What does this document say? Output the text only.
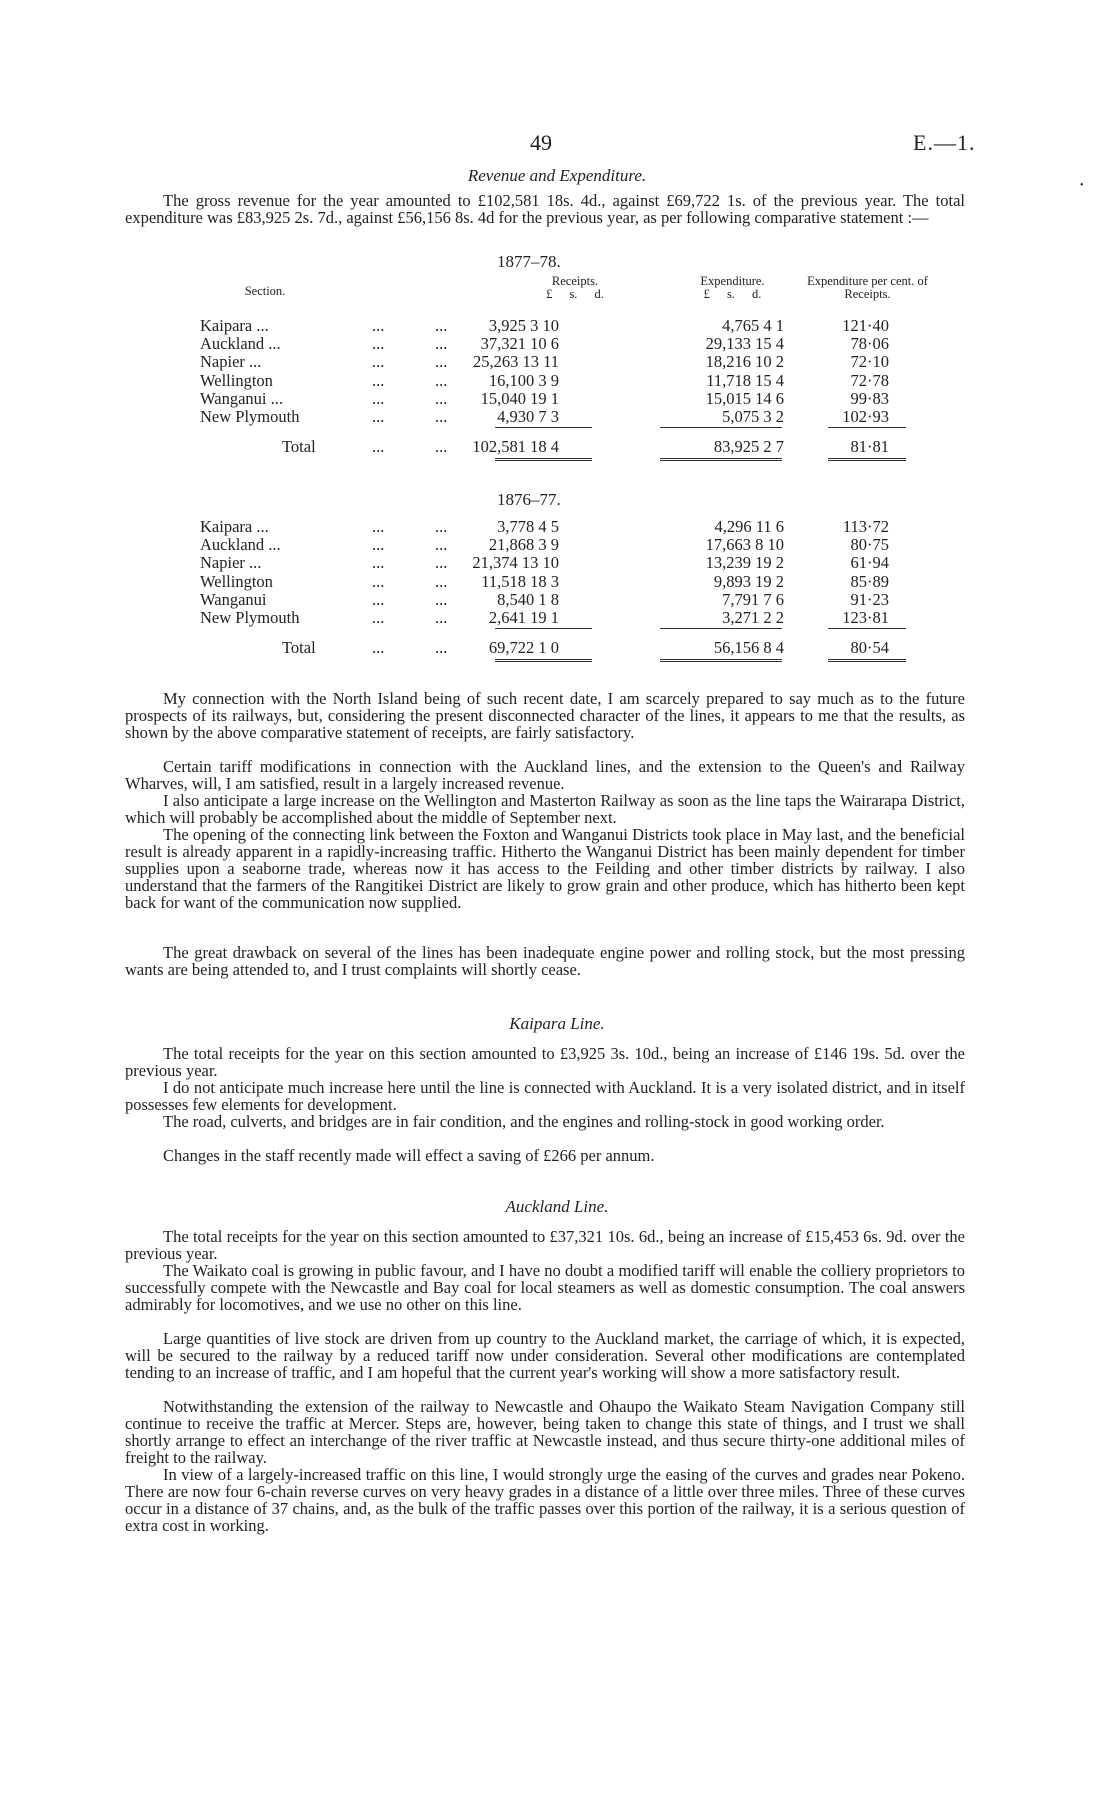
49	E.—1.
•
Revenue and Expenditure.

The gross revenue for the year amounted to £102,581 18s. 4d., against £69,722 1s. of the previous year. The total expenditure was £83,925 2s. 7d., against £56,156 8s. 4d for the previous year, as per following comparative statement :—

1877–78.
Section.
Receipts.
£ s. d.
Expenditure.
£ s. d.
Expenditure per cent. of Receipts.
Kaipara ...	...	...	3,925 3 10	4,765 4 1	121·40
Auckland ...	...	... 37,321 10 6	29,133 15 4	78·06
Napier ...	...	... 25,263 13 11	18,216 10 2	72·10
Wellington	...	...	16,100 3 9	11,718 15 4	72·78
Wanganui ...	...	... 15,040 19 1	15,015 14 6	99·83
New Plymouth	...	...	4,930 7 3	5,075 3 2	102·93
Total	...	... 102,581 18 4	83,925 2 7	81·81
1876–77.
Kaipara ...	...	...	3,778 4 5	4,296 11 6	113·72
Auckland ...	...	...	21,868 3 9	17,663 8 10	80·75
Napier ...	...	... 21,374 13 10	13,239 19 2	61·94
Wellington	...	... 11,518 18 3	9,893 19 2	85·89
Wanganui	...	...	8,540 1 8	7,791 7 6	91·23
New Plymouth	...	...	2,641 19 1	3,271 2 2	123·81
Total	...	...	69,722 1 0	56,156 8 4	80·54

My connection with the North Island being of such recent date, I am scarcely prepared to say much as to the future prospects of its railways, but, considering the present disconnected character of the lines, it appears to me that the results, as shown by the above comparative statement of receipts, are fairly satisfactory.

Certain tariff modifications in connection with the Auckland lines, and the extension to the Queen's and Railway Wharves, will, I am satisfied, result in a largely increased revenue.

I also anticipate a large increase on the Wellington and Masterton Railway as soon as the line taps the Wairarapa District, which will probably be accomplished about the middle of September next.

The opening of the connecting link between the Foxton and Wanganui Districts took place in May last, and the beneficial result is already apparent in a rapidly-increasing traffic. Hitherto the Wanganui District has been mainly dependent for timber supplies upon a seaborne trade, whereas now it has access to the Feilding and other timber districts by railway. I also understand that the farmers of the Rangitikei District are likely to grow grain and other produce, which has hitherto been kept back for want of the communication now supplied.

The great drawback on several of the lines has been inadequate engine power and rolling stock, but the most pressing wants are being attended to, and I trust complaints will shortly cease.

Kaipara Line.

The total receipts for the year on this section amounted to £3,925 3s. 10d., being an increase of £146 19s. 5d. over the previous year.

I do not anticipate much increase here until the line is connected with Auckland. It is a very isolated district, and in itself possesses few elements for development.

The road, culverts, and bridges are in fair condition, and the engines and rolling-stock in good working order.

Changes in the staff recently made will effect a saving of £266 per annum.

Auckland Line.

The total receipts for the year on this section amounted to £37,321 10s. 6d., being an increase of £15,453 6s. 9d. over the previous year.

The Waikato coal is growing in public favour, and I have no doubt a modified tariff will enable the colliery proprietors to successfully compete with the Newcastle and Bay coal for local steamers as well as domestic consumption. The coal answers admirably for locomotives, and we use no other on this line.

Large quantities of live stock are driven from up country to the Auckland market, the carriage of which, it is expected, will be secured to the railway by a reduced tariff now under consideration. Several other modifications are contemplated tending to an increase of traffic, and I am hopeful that the current year's working will show a more satisfactory result.

Notwithstanding the extension of the railway to Newcastle and Ohaupo the Waikato Steam Navigation Company still continue to receive the traffic at Mercer. Steps are, however, being taken to change this state of things, and I trust we shall shortly arrange to effect an interchange of the river traffic at Newcastle instead, and thus secure thirty-one additional miles of freight to the railway.

In view of a largely-increased traffic on this line, I would strongly urge the easing of the curves and grades near Pokeno. There are now four 6-chain reverse curves on very heavy grades in a distance of a little over three miles. Three of these curves occur in a distance of 37 chains, and, as the bulk of the traffic passes over this portion of the railway, it is a serious question of extra cost in working.
